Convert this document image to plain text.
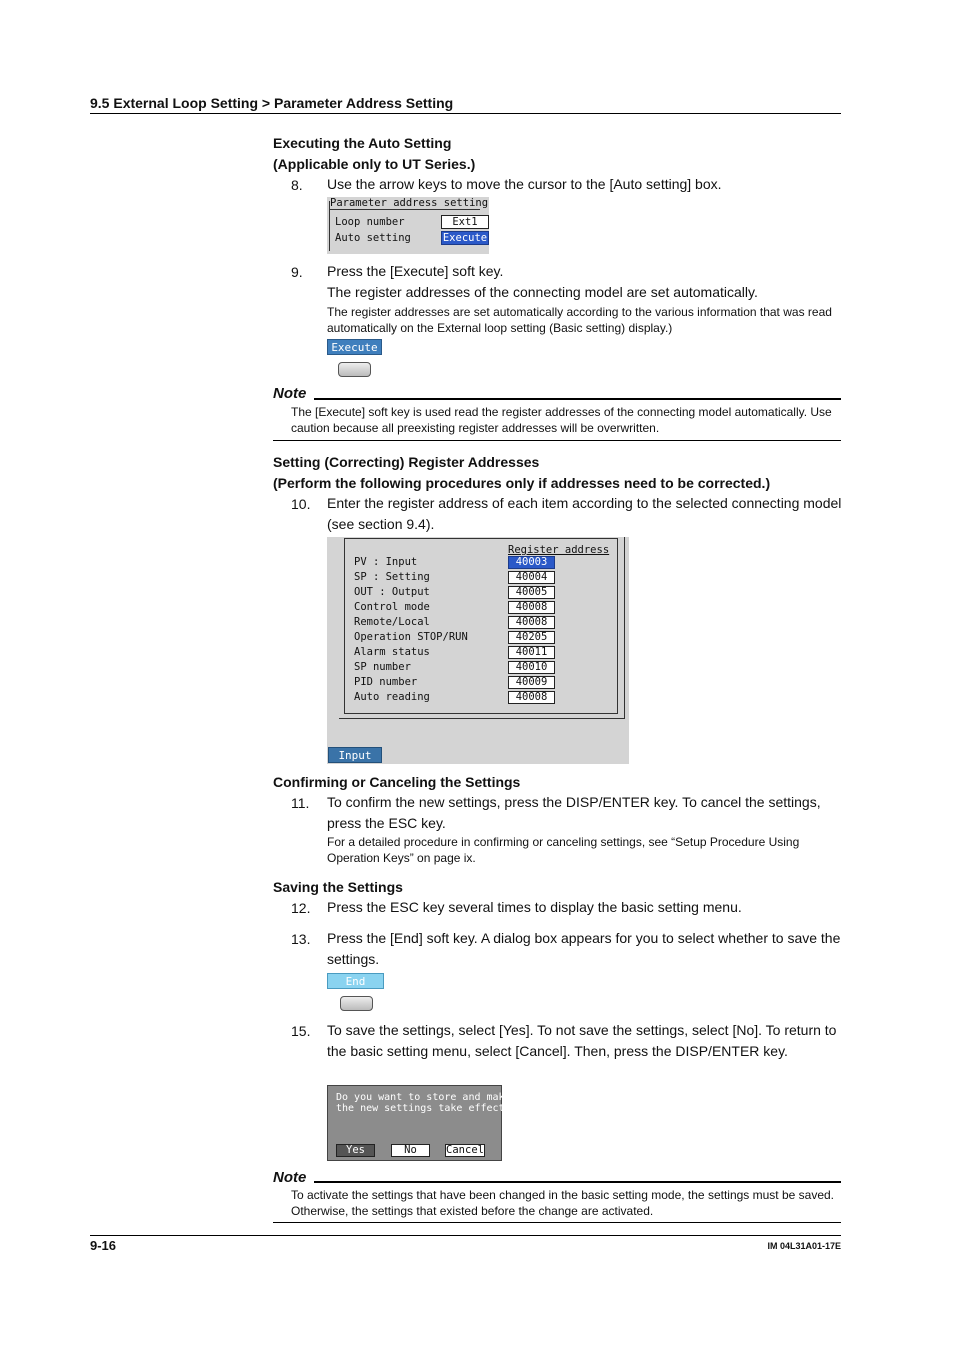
9.5 External Loop Setting > Parameter Address Setting
Executing the Auto Setting
(Applicable only to UT Series.)
8. Use the arrow keys to move the cursor to the [Auto setting] box.
Parameter address setting
Loop number	Ext1
Auto setting	Execute
9. Press the [Execute] soft key.
The register addresses of the connecting model are set automatically.
The register addresses are set automatically according to the various information that was read automatically on the External loop setting (Basic setting) display.)
Execute
Note
The [Execute] soft key is used read the register addresses of the connecting model automatically. Use caution because all preexisting register addresses will be overwritten.
Setting (Correcting) Register Addresses
(Perform the following procedures only if addresses need to be corrected.)
10. Enter the register address of each item according to the selected connecting model (see section 9.4).
Register address
PV : Input	40003
SP : Setting	40004
OUT : Output	40005
Control mode	40008
Remote/Local	40008
Operation STOP/RUN	40205
Alarm status	40011
SP number	40010
PID number	40009
Auto reading	40008
Input
Confirming or Canceling the Settings
11. To confirm the new settings, press the DISP/ENTER key. To cancel the settings, press the ESC key.
For a detailed procedure in confirming or canceling settings, see “Setup Procedure Using Operation Keys” on page ix.
Saving the Settings
12. Press the ESC key several times to display the basic setting menu.
13. Press the [End] soft key. A dialog box appears for you to select whether to save the settings.
End
15. To save the settings, select [Yes]. To not save the settings, select [No]. To return to the basic setting menu, select [Cancel]. Then, press the DISP/ENTER key.
Do you want to store and make
the new settings take effect?
Yes	No	Cancel
Note
To activate the settings that have been changed in the basic setting mode, the settings must be saved. Otherwise, the settings that existed before the change are activated.
9-16	IM 04L31A01-17E
